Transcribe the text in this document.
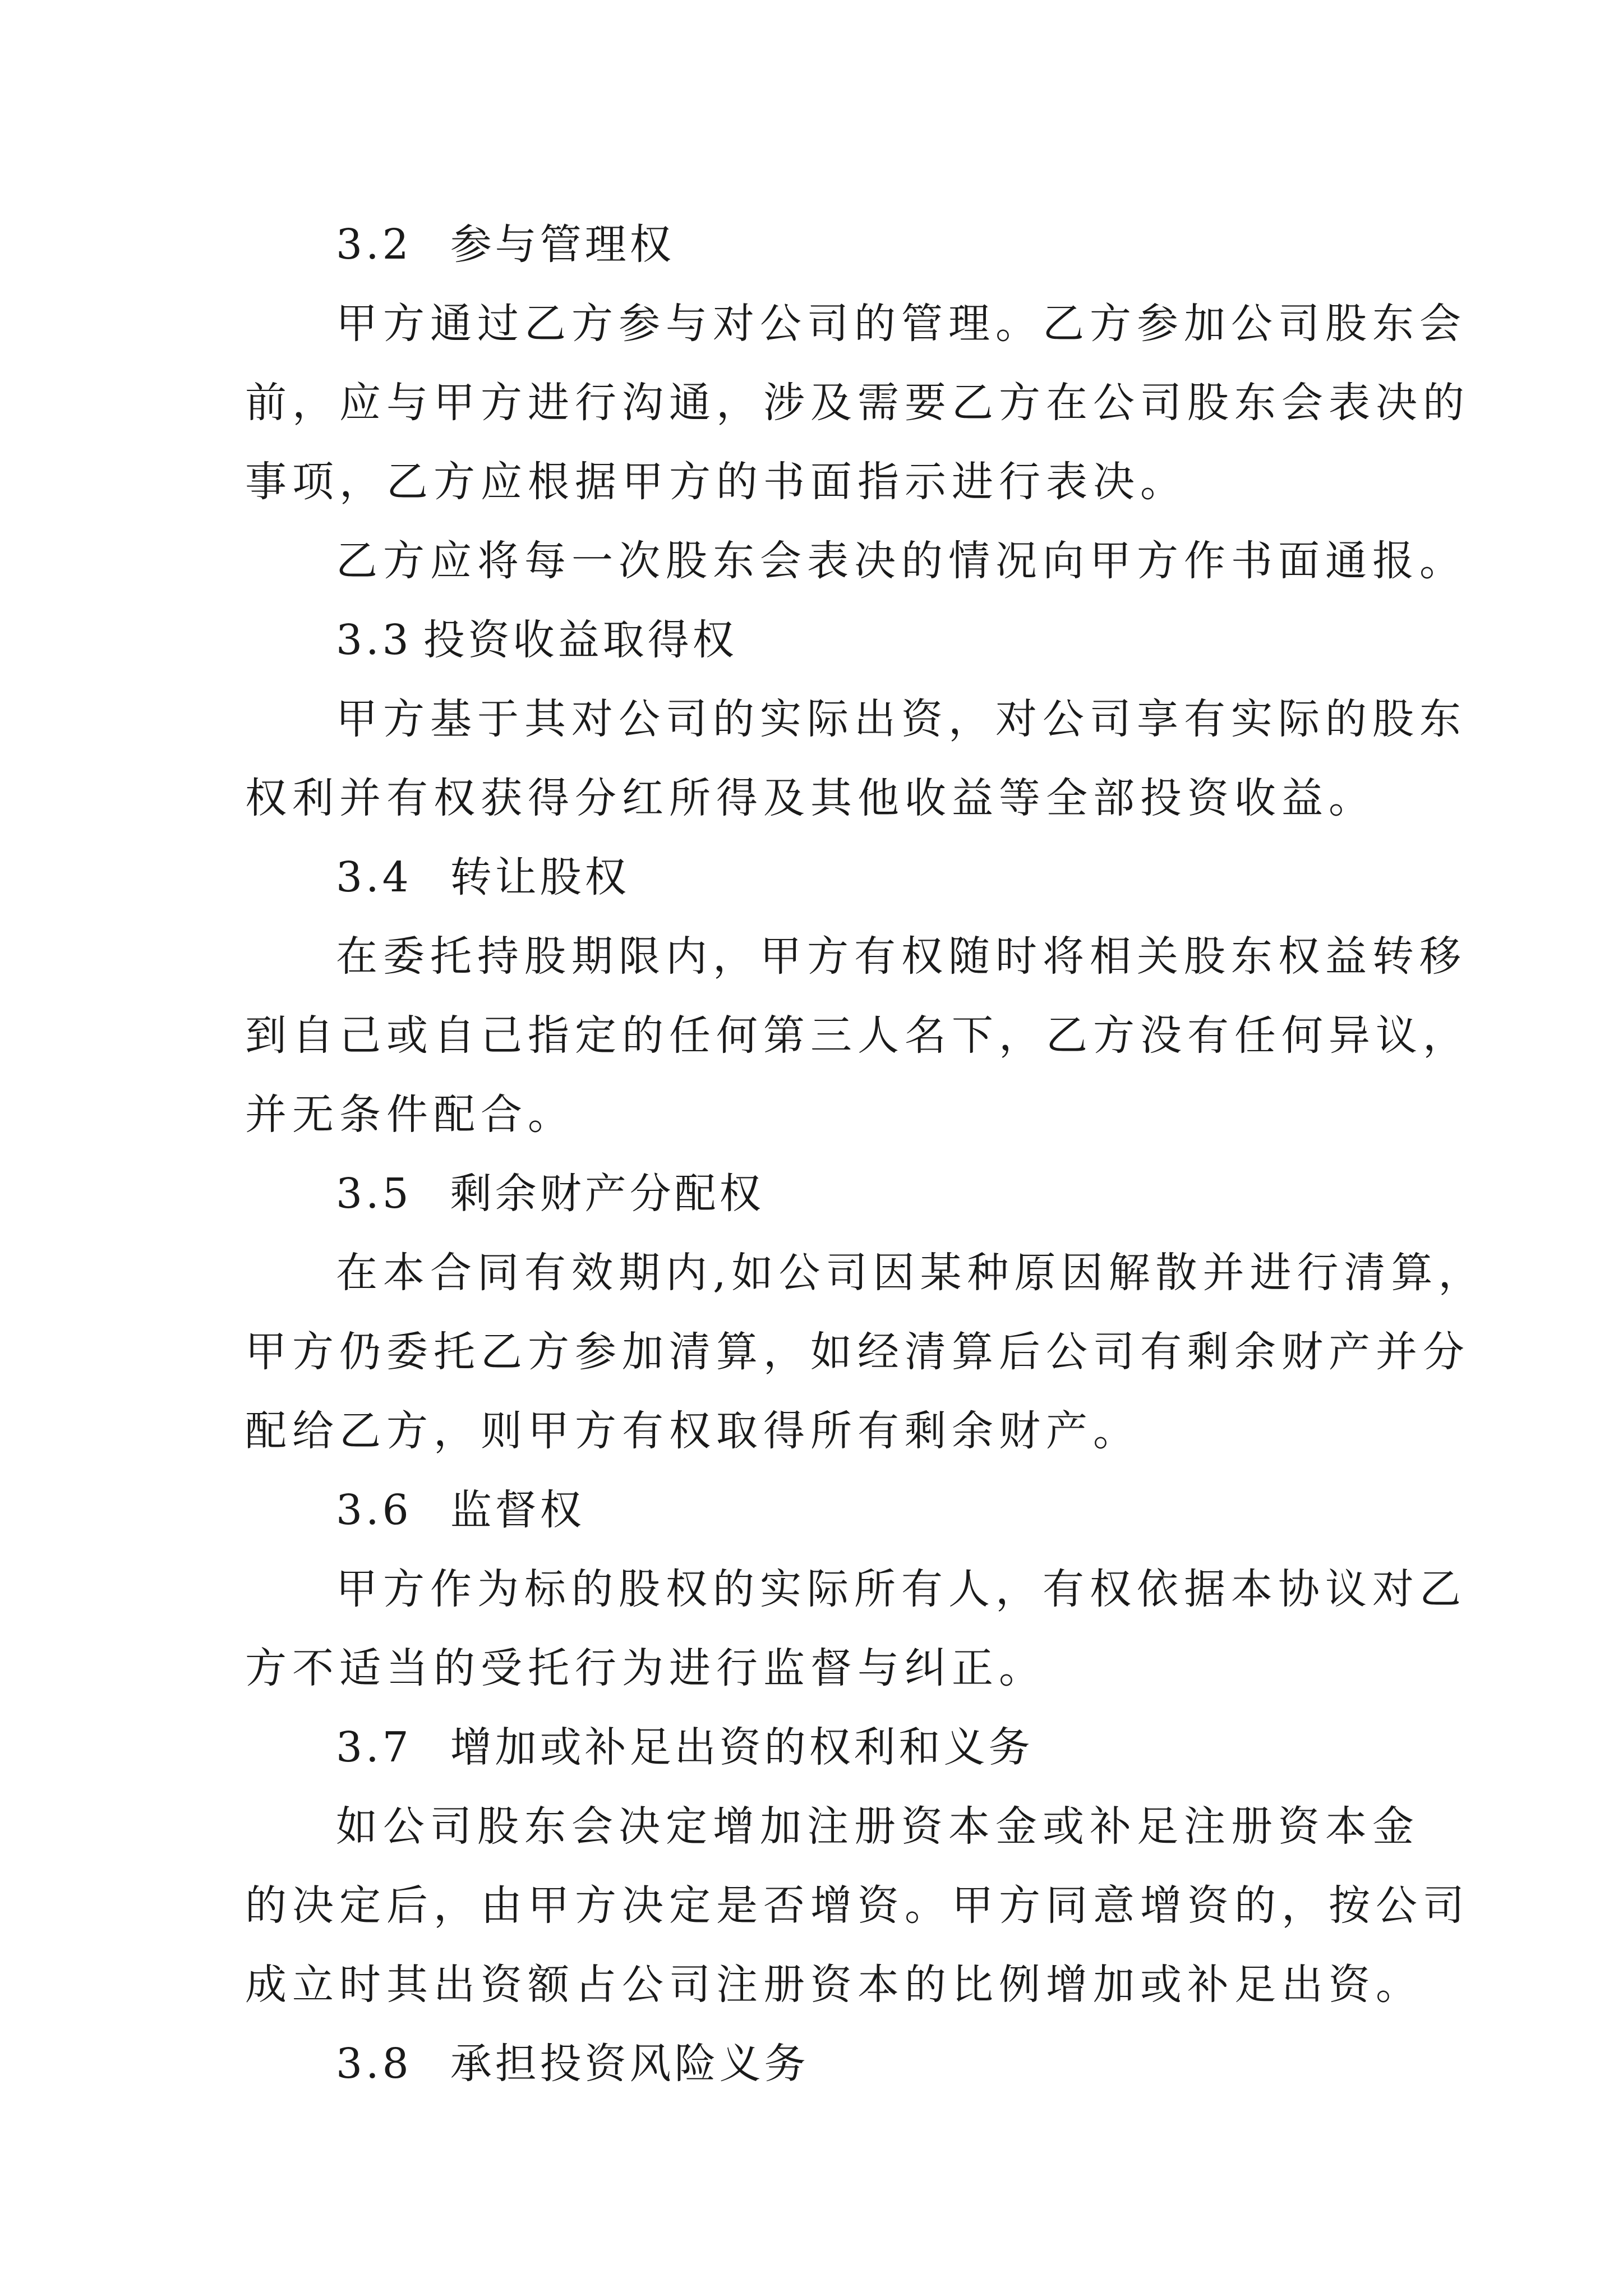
3.2 参与管理权

甲方通过乙方参与对公司的管理。乙方参加公司股东会

前，应与甲方进行沟通，涉及需要乙方在公司股东会表决的

事项，乙方应根据甲方的书面指示进行表决。

乙方应将每一次股东会表决的情况向甲方作书面通报。

3.3 投资收益取得权

甲方基于其对公司的实际出资，对公司享有实际的股东

权利并有权获得分红所得及其他收益等全部投资收益。

3.4 转让股权

在委托持股期限内，甲方有权随时将相关股东权益转移

到自己或自己指定的任何第三人名下，乙方没有任何异议，

并无条件配合。

3.5 剩余财产分配权

在本合同有效期内,如公司因某种原因解散并进行清算，

甲方仍委托乙方参加清算，如经清算后公司有剩余财产并分

配给乙方，则甲方有权取得所有剩余财产。

3.6 监督权

甲方作为标的股权的实际所有人，有权依据本协议对乙

方不适当的受托行为进行监督与纠正。

3.7 增加或补足出资的权利和义务

如公司股东会决定增加注册资本金或补足注册资本金

的决定后，由甲方决定是否增资。甲方同意增资的，按公司

成立时其出资额占公司注册资本的比例增加或补足出资。

3.8 承担投资风险义务
